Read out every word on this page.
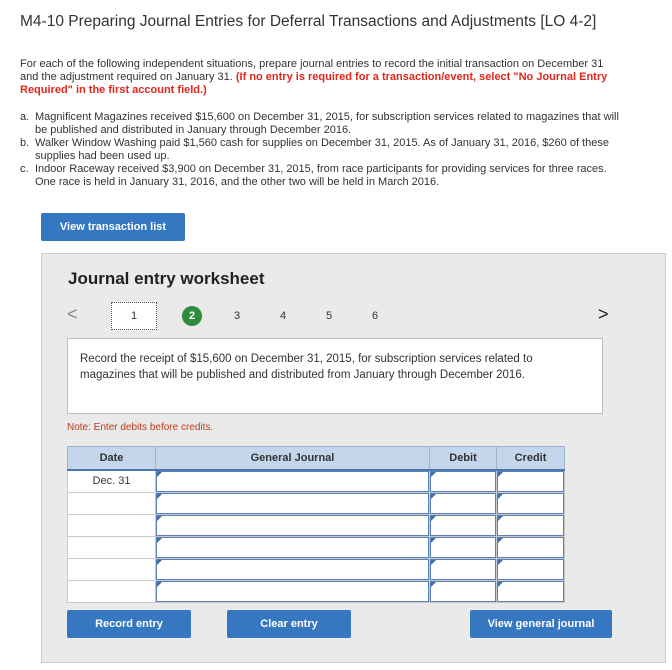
M4-10 Preparing Journal Entries for Deferral Transactions and Adjustments [LO 4-2]
For each of the following independent situations, prepare journal entries to record the initial transaction on December 31 and the adjustment required on January 31. (If no entry is required for a transaction/event, select "No Journal Entry Required" in the first account field.)
a. Magnificent Magazines received $15,600 on December 31, 2015, for subscription services related to magazines that will be published and distributed in January through December 2016.
b. Walker Window Washing paid $1,560 cash for supplies on December 31, 2015. As of January 31, 2016, $260 of these supplies had been used up.
c. Indoor Raceway received $3,900 on December 31, 2015, from race participants for providing services for three races. One race is held in January 31, 2016, and the other two will be held in March 2016.
View transaction list
Journal entry worksheet
<	>
1	2	3	4	5	6
Record the receipt of $15,600 on December 31, 2015, for subscription services related to magazines that will be published and distributed from January through December 2016.
Note: Enter debits before credits.
Date	General Journal	Debit	Credit
Dec. 31	

Record entry	Clear entry	View general journal
